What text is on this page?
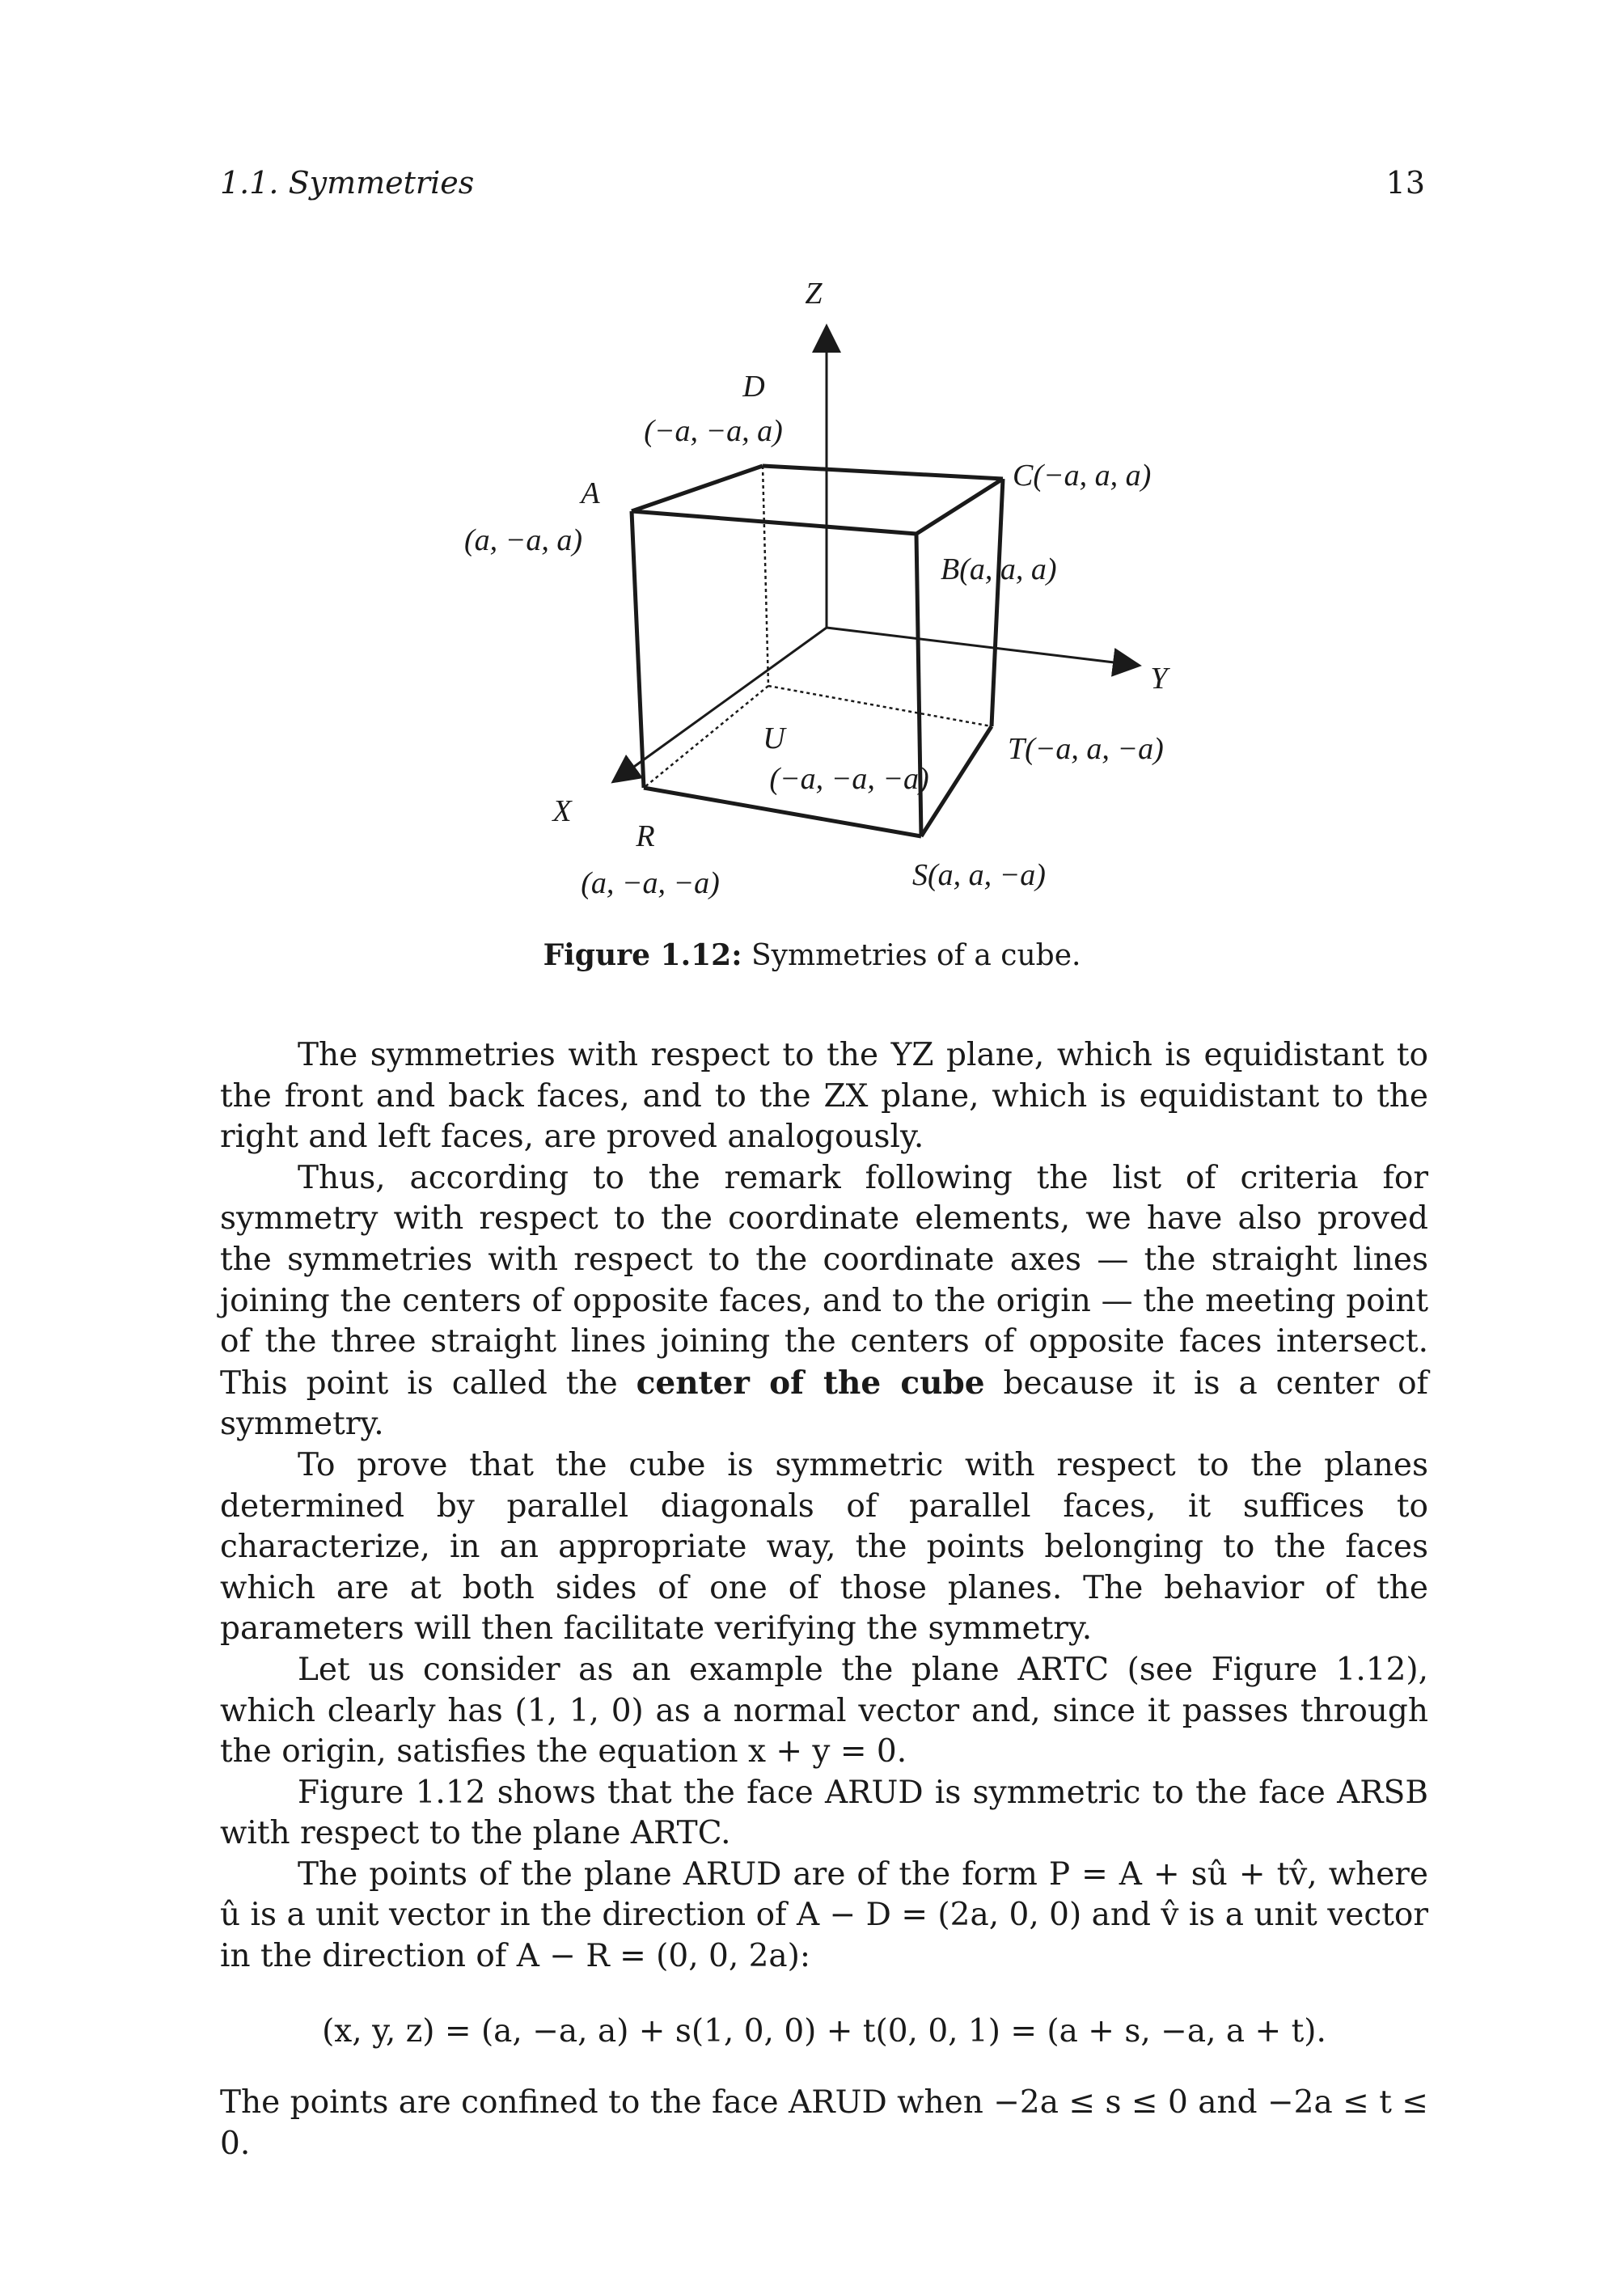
1.1. Symmetries	13
Z
Y
X
D
(−a, −a, a)
A
(a, −a, a)
C(−a, a, a)
B(a, a, a)
U
(−a, −a, −a)
T(−a, a, −a)
R
(a, −a, −a)	S(a, a, −a)
Figure 1.12: Symmetries of a cube.

The symmetries with respect to the YZ plane, which is equidistant to the front and back faces, and to the ZX plane, which is equidistant to the right and left faces, are proved analogously.

Thus, according to the remark following the list of criteria for symmetry with respect to the coordinate elements, we have also proved the symmetries with respect to the coordinate axes — the straight lines joining the centers of opposite faces, and to the origin — the meeting point of the three straight lines joining the centers of opposite faces intersect. This point is called the center of the cube because it is a center of symmetry.

To prove that the cube is symmetric with respect to the planes determined by parallel diagonals of parallel faces, it suffices to characterize, in an appropriate way, the points belonging to the faces which are at both sides of one of those planes. The behavior of the parameters will then facilitate verifying the symmetry.

Let us consider as an example the plane ARTC (see Figure 1.12), which clearly has (1, 1, 0) as a normal vector and, since it passes through the origin, satisfies the equation x + y = 0.

Figure 1.12 shows that the face ARUD is symmetric to the face ARSB with respect to the plane ARTC.

The points of the plane ARUD are of the form P = A + sû + tv̂, where û is a unit vector in the direction of A − D = (2a, 0, 0) and v̂ is a unit vector in the direction of A − R = (0, 0, 2a):

(x, y, z) = (a, −a, a) + s(1, 0, 0) + t(0, 0, 1) = (a + s, −a, a + t).

The points are confined to the face ARUD when −2a ≤ s ≤ 0 and −2a ≤ t ≤ 0.
